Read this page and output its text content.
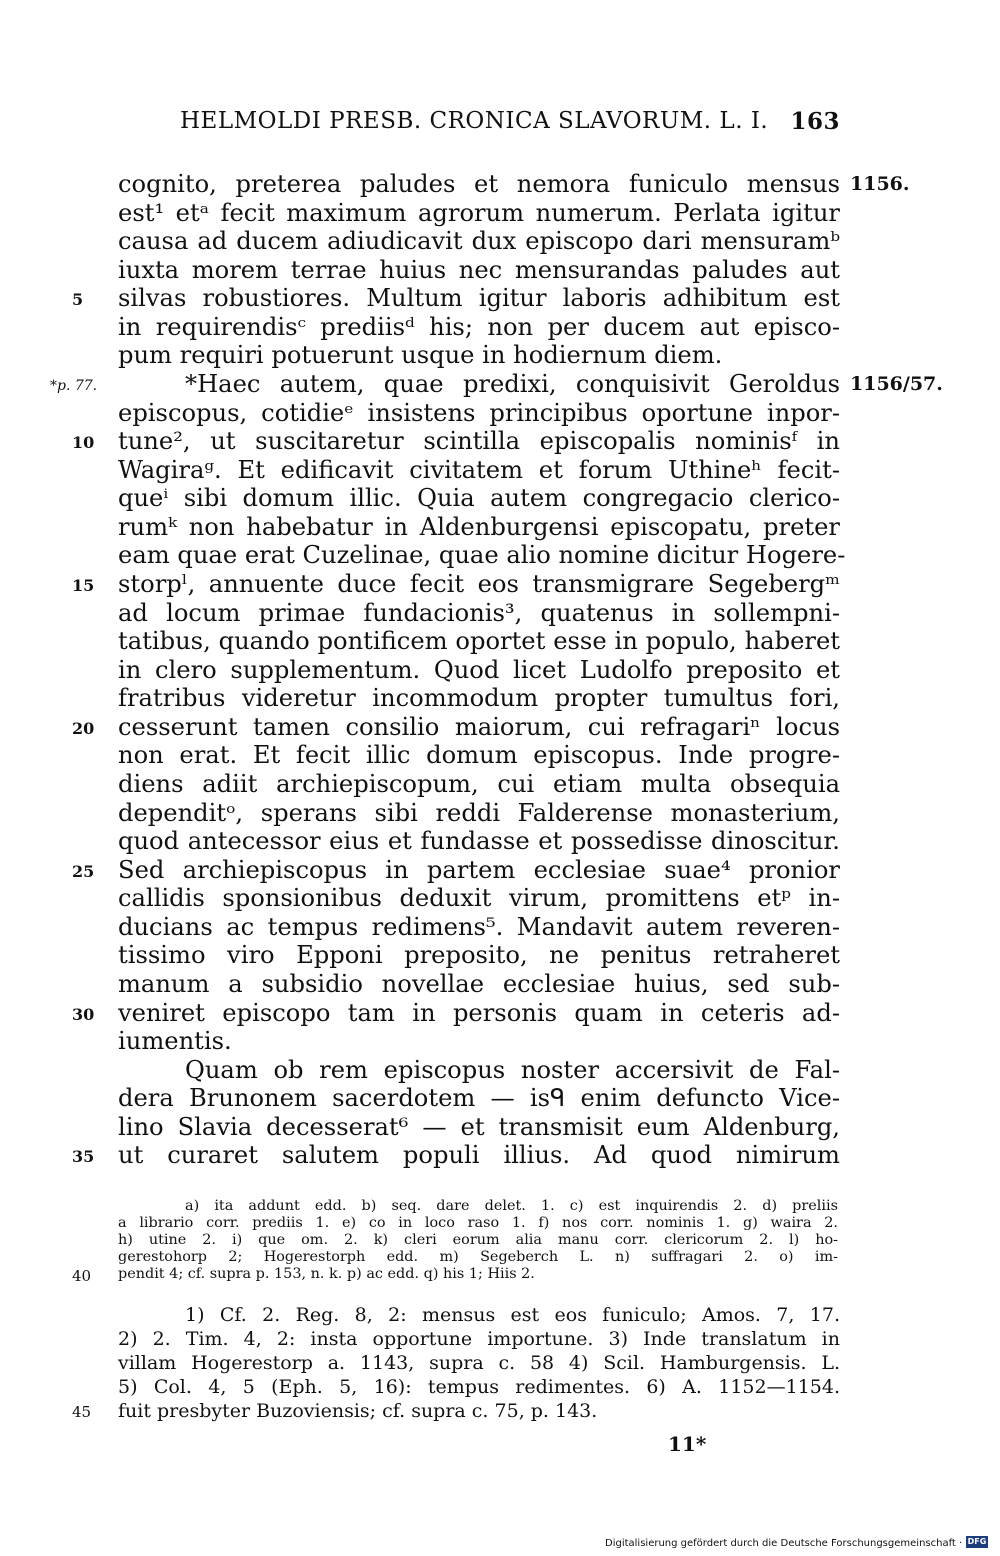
HELMOLDI PRESB. CRONICA SLAVORUM. L. I. 163
cognito, preterea paludes et nemora funiculo mensus
est¹ etᵃ fecit maximum agrorum numerum. Perlata igitur
causa ad ducem adiudicavit dux episcopo dari mensuramᵇ
iuxta morem terrae huius nec mensurandas paludes aut
silvas robustiores. Multum igitur laboris adhibitum est
in requirendisᶜ prediisᵈ his; non per ducem aut episco-
pum requiri potuerunt usque in hodiernum diem.
*Haec autem, quae predixi, conquisivit Geroldus
episcopus, cotidieᵉ insistens principibus oportune inpor-
tune², ut suscitaretur scintilla episcopalis nominisᶠ in
Wagiraᵍ. Et edificavit civitatem et forum Uthineʰ fecit-
queⁱ sibi domum illic. Quia autem congregacio clerico-
rumᵏ non habebatur in Aldenburgensi episcopatu, preter
eam quae erat Cuzelinae, quae alio nomine dicitur Hogere-
storpˡ, annuente duce fecit eos transmigrare Segebergᵐ
ad locum primae fundacionis³, quatenus in sollempni-
tatibus, quando pontificem oportet esse in populo, haberet
in clero supplementum. Quod licet Ludolfo preposito et
fratribus videretur incommodum propter tumultus fori,
cesserunt tamen consilio maiorum, cui refragariⁿ locus
non erat. Et fecit illic domum episcopus. Inde progre-
diens adiit archiepiscopum, cui etiam multa obsequia
dependitᵒ, sperans sibi reddi Falderense monasterium,
quod antecessor eius et fundasse et possedisse dinoscitur.
Sed archiepiscopus in partem ecclesiae suae⁴ pronior
callidis sponsionibus deduxit virum, promittens etᵖ in-
ducians ac tempus redimens⁵. Mandavit autem reveren-
tissimo viro Epponi preposito, ne penitus retraheret
manum a subsidio novellae ecclesiae huius, sed sub-
veniret episcopo tam in personis quam in ceteris ad-
iumentis.
Quam ob rem episcopus noster accersivit de Fal-
dera Brunonem sacerdotem — isᑫ enim defuncto Vice-
lino Slavia decesserat⁶ — et transmisit eum Aldenburg,
ut curaret salutem populi illius. Ad quod nimirum
5
10
15
20
25
30
35
1156.
1156/57.
*p. 77.
a) ita addunt edd. b) seq. dare delet. 1. c) est inquirendis 2. d) preliis
a librario corr. prediis 1. e) co in loco raso 1. f) nos corr. nominis 1. g) waira 2.
h) utine 2. i) que om. 2. k) cleri eorum alia manu corr. clericorum 2. l) ho-
gerestohorp 2; Hogerestorph edd. m) Segeberch L. n) suffragari 2. o) im-
pendit 4; cf. supra p. 153, n. k. p) ac edd. q) his 1; Hiis 2.
40
1) Cf. 2. Reg. 8, 2: mensus est eos funiculo; Amos. 7, 17.
2) 2. Tim. 4, 2: insta opportune importune. 3) Inde translatum in
villam Hogerestorp a. 1143, supra c. 58 4) Scil. Hamburgensis. L.
5) Col. 4, 5 (Eph. 5, 16): tempus redimentes. 6) A. 1152—1154.
fuit presbyter Buzoviensis; cf. supra c. 75, p. 143.
45
11*
Digitalisierung gefördert durch die Deutsche Forschungsgemeinschaft · DFG
